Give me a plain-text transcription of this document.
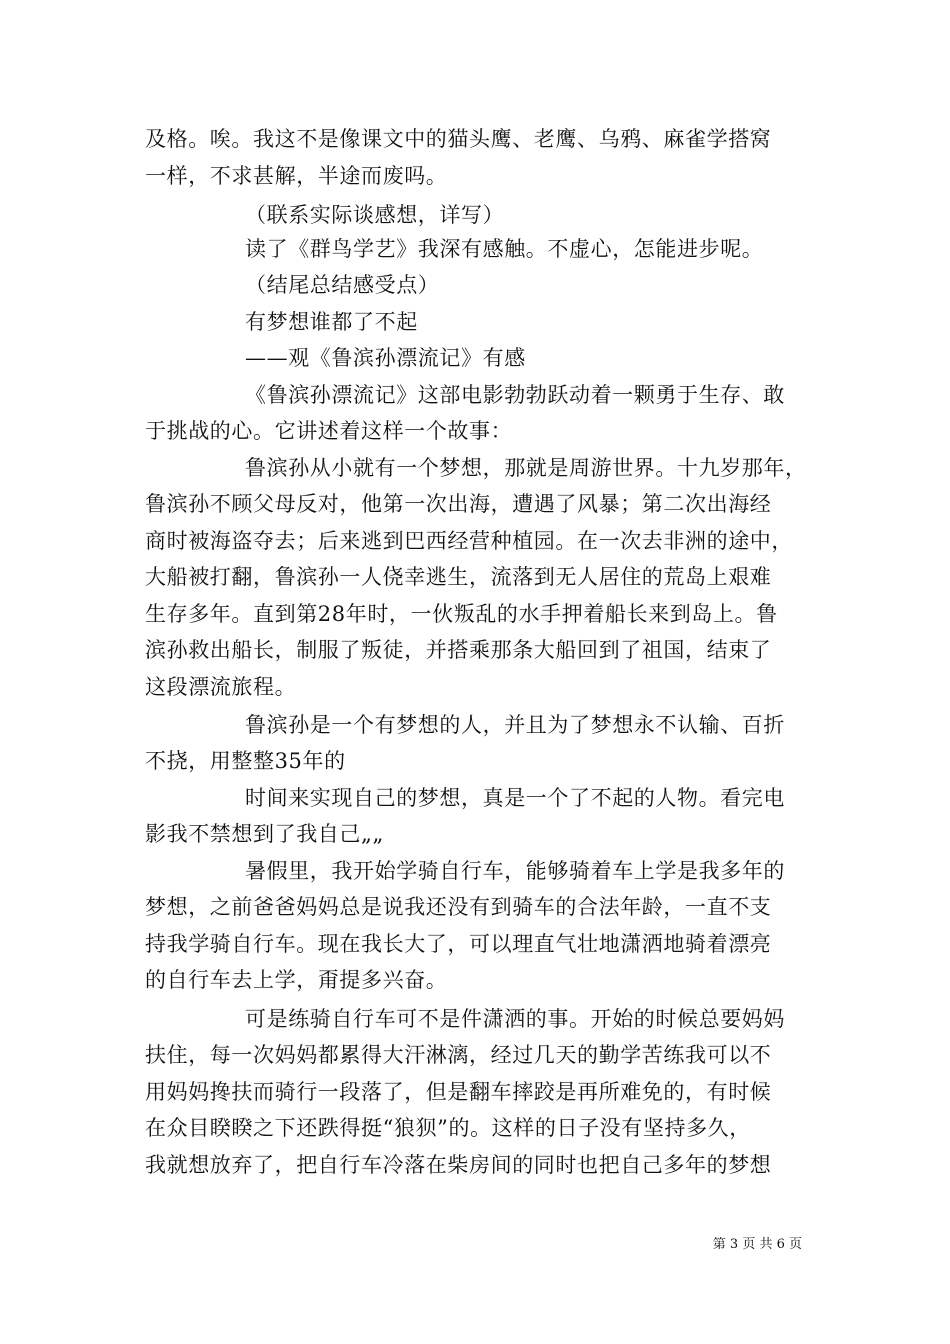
及格。唉。我这不是像课文中的猫头鹰、老鹰、乌鸦、麻雀学搭窝
一样，不求甚解，半途而废吗。
（联系实际谈感想，详写）
读了《群鸟学艺》我深有感触。不虚心，怎能进步呢。
（结尾总结感受点）
有梦想谁都了不起
——观《鲁滨孙漂流记》有感
《鲁滨孙漂流记》这部电影勃勃跃动着一颗勇于生存、敢
于挑战的心。它讲述着这样一个故事：
鲁滨孙从小就有一个梦想，那就是周游世界。十九岁那年，
鲁滨孙不顾父母反对，他第一次出海，遭遇了风暴；第二次出海经
商时被海盗夺去；后来逃到巴西经营种植园。在一次去非洲的途中，
大船被打翻，鲁滨孙一人侥幸逃生，流落到无人居住的荒岛上艰难
生存多年。直到第28年时，一伙叛乱的水手押着船长来到岛上。鲁
滨孙救出船长，制服了叛徒，并搭乘那条大船回到了祖国，结束了
这段漂流旅程。
鲁滨孙是一个有梦想的人，并且为了梦想永不认输、百折
不挠，用整整35年的
时间来实现自己的梦想，真是一个了不起的人物。看完电
影我不禁想到了我自己„„
暑假里，我开始学骑自行车，能够骑着车上学是我多年的
梦想，之前爸爸妈妈总是说我还没有到骑车的合法年龄，一直不支
持我学骑自行车。现在我长大了，可以理直气壮地潇洒地骑着漂亮
的自行车去上学，甭提多兴奋。
可是练骑自行车可不是件潇洒的事。开始的时候总要妈妈
扶住，每一次妈妈都累得大汗淋漓，经过几天的勤学苦练我可以不
用妈妈搀扶而骑行一段落了，但是翻车摔跤是再所难免的，有时候
在众目睽睽之下还跌得挺“狼狈”的。这样的日子没有坚持多久，
我就想放弃了，把自行车冷落在柴房间的同时也把自己多年的梦想
第 3 页 共 6 页
